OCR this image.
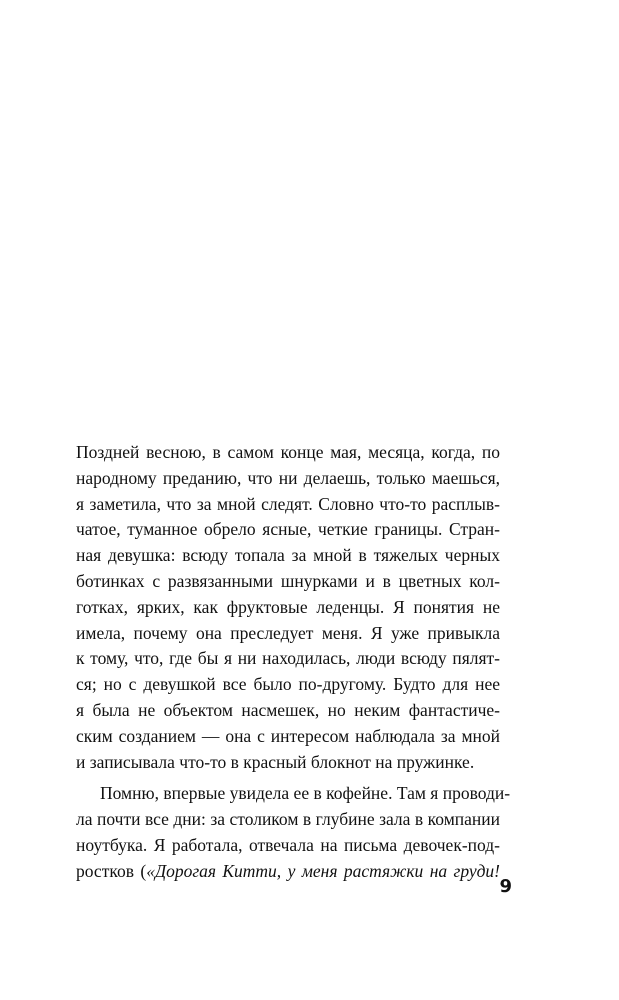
Поздней весною, в самом конце мая, месяца, когда, по
народному преданию, что ни делаешь, только маешься,
я заметила, что за мной следят. Словно что-то расплыв-
чатое, туманное обрело ясные, четкие границы. Стран-
ная девушка: всюду топала за мной в тяжелых черных
ботинках с развязанными шнурками и в цветных кол-
готках, ярких, как фруктовые леденцы. Я понятия не
имела, почему она преследует меня. Я уже привыкла
к тому, что, где бы я ни находилась, люди всюду пялят-
ся; но с девушкой все было по-другому. Будто для нее
я была не объектом насмешек, но неким фантастиче-
ским созданием — она с интересом наблюдала за мной
и записывала что-то в красный блокнот на пружинке.
Помню, впервые увидела ее в кофейне. Там я проводи-
ла почти все дни: за столиком в глубине зала в компании
ноутбука. Я работала, отвечала на письма девочек-под-
ростков («Дорогая Китти, у меня растяжки на груди!
9
